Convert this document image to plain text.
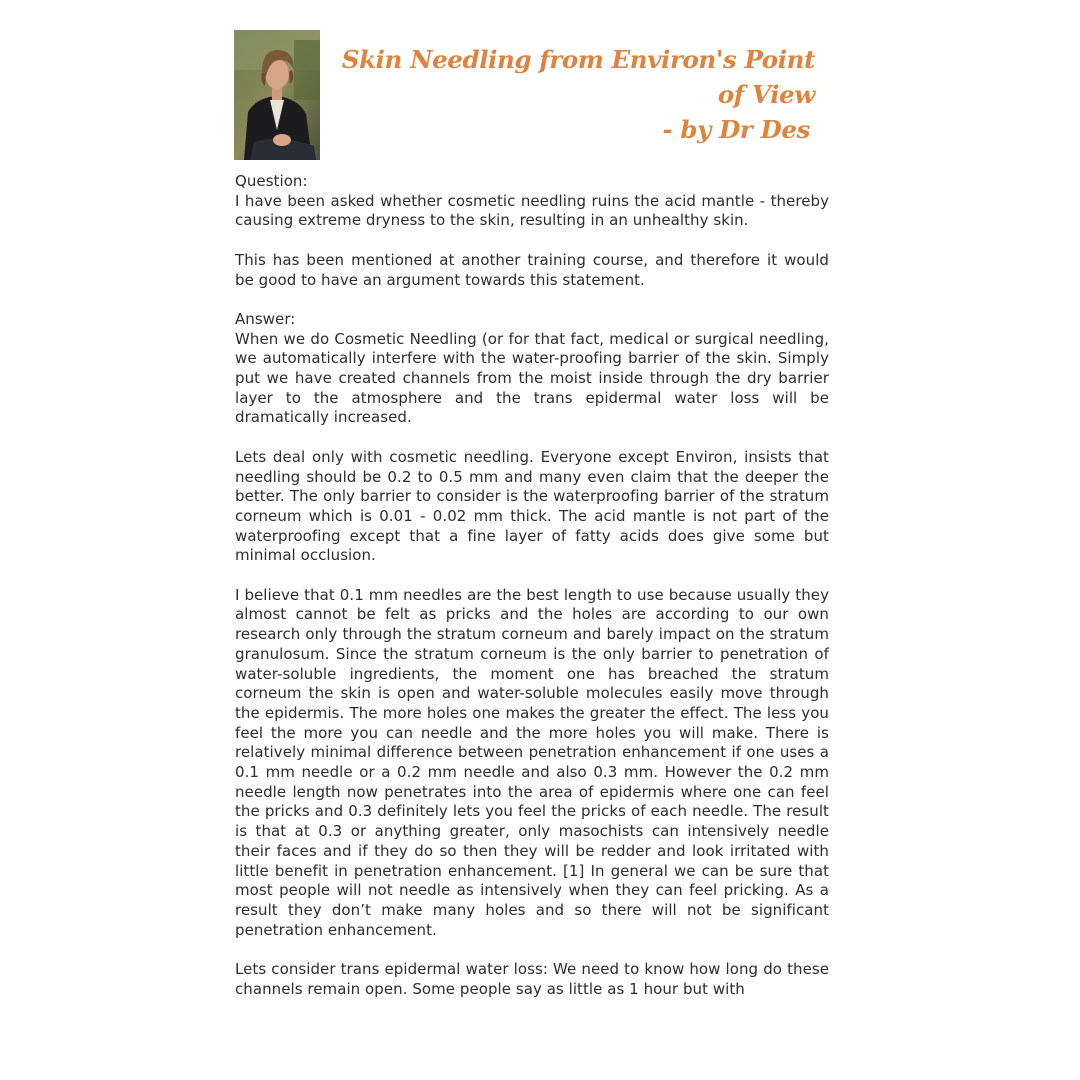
Skin Needling from Environ's Point of View
- by Dr Des

Question:
I have been asked whether cosmetic needling ruins the acid mantle - thereby causing extreme dryness to the skin, resulting in an unhealthy skin.

This has been mentioned at another training course, and therefore it would be good to have an argument towards this statement.

Answer:
When we do Cosmetic Needling (or for that fact, medical or surgical needling, we automatically interfere with the water-proofing barrier of the skin. Simply put we have created channels from the moist inside through the dry barrier layer to the atmosphere and the trans epidermal water loss will be dramatically increased.

Lets deal only with cosmetic needling. Everyone except Environ, insists that needling should be 0.2 to 0.5 mm and many even claim that the deeper the better. The only barrier to consider is the waterproofing barrier of the stratum corneum which is 0.01 - 0.02 mm thick. The acid mantle is not part of the waterproofing except that a fine layer of fatty acids does give some but minimal occlusion.

I believe that 0.1 mm needles are the best length to use because usually they almost cannot be felt as pricks and the holes are according to our own research only through the stratum corneum and barely impact on the stratum granulosum. Since the stratum corneum is the only barrier to penetration of water-soluble ingredients, the moment one has breached the stratum corneum the skin is open and water-soluble molecules easily move through the epidermis. The more holes one makes the greater the effect. The less you feel the more you can needle and the more holes you will make. There is relatively minimal difference between penetration enhancement if one uses a 0.1 mm needle or a 0.2 mm needle and also 0.3 mm. However the 0.2 mm needle length now penetrates into the area of epidermis where one can feel the pricks and 0.3 definitely lets you feel the pricks of each needle. The result is that at 0.3 or anything greater, only masochists can intensively needle their faces and if they do so then they will be redder and look irritated with little benefit in penetration enhancement. [1] In general we can be sure that most people will not needle as intensively when they can feel pricking. As a result they don’t make many holes and so there will not be significant penetration enhancement.

Lets consider trans epidermal water loss: We need to know how long do these channels remain open. Some people say as little as 1 hour but with
